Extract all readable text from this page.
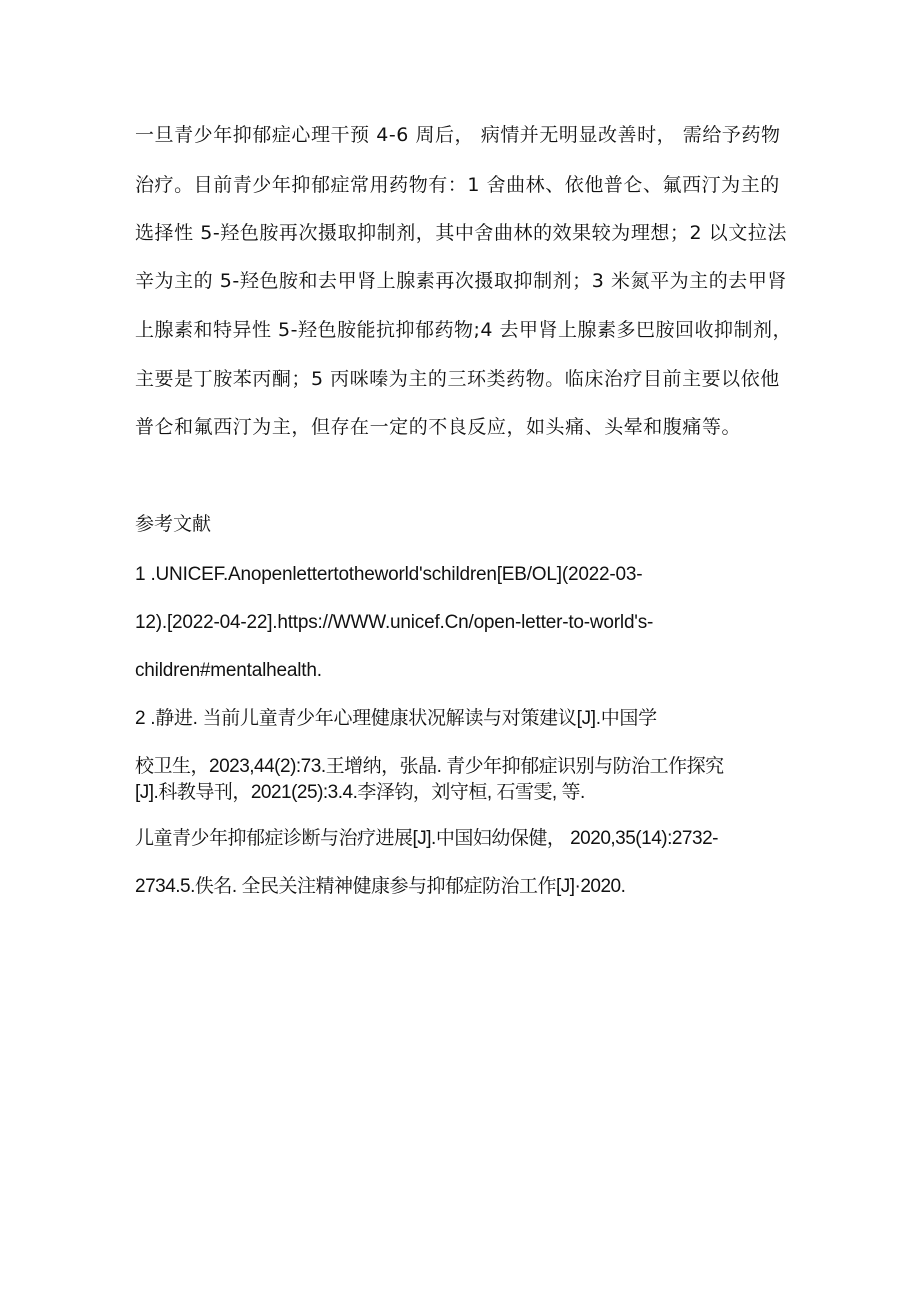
一旦青少年抑郁症心理干预 4-6 周后， 病情并无明显改善时， 需给予药物
治疗。目前青少年抑郁症常用药物有：1 舍曲林、依他普仑、氟西汀为主的
选择性 5-羟色胺再次摄取抑制剂，其中舍曲林的效果较为理想；2 以文拉法
辛为主的 5-羟色胺和去甲肾上腺素再次摄取抑制剂；3 米氮平为主的去甲肾
上腺素和特异性 5-羟色胺能抗抑郁药物;4 去甲肾上腺素多巴胺回收抑制剂，
主要是丁胺苯丙酮；5 丙咪嗪为主的三环类药物。临床治疗目前主要以依他
普仑和氟西汀为主，但存在一定的不良反应，如头痛、头晕和腹痛等。
参考文献
1 .UNICEF.Anopenlettertotheworld'schildren[EB/OL](2022-03-
12).[2022-04-22].https://WWW.unicef.Cn/open-letter-to-world's-
children#mentalhealth.
2 .静进. 当前儿童青少年心理健康状况解读与对策建议[J].中国学
校卫生，2023,44(2):73.王增纳，张晶. 青少年抑郁症识别与防治工作探究
[J].科教导刊，2021(25):3.4.李泽钧，刘守桓, 石雪雯, 等.
儿童青少年抑郁症诊断与治疗进展[J].中国妇幼保健， 2020,35(14):2732-
2734.5.佚名. 全民关注精神健康参与抑郁症防治工作[J]·2020.
